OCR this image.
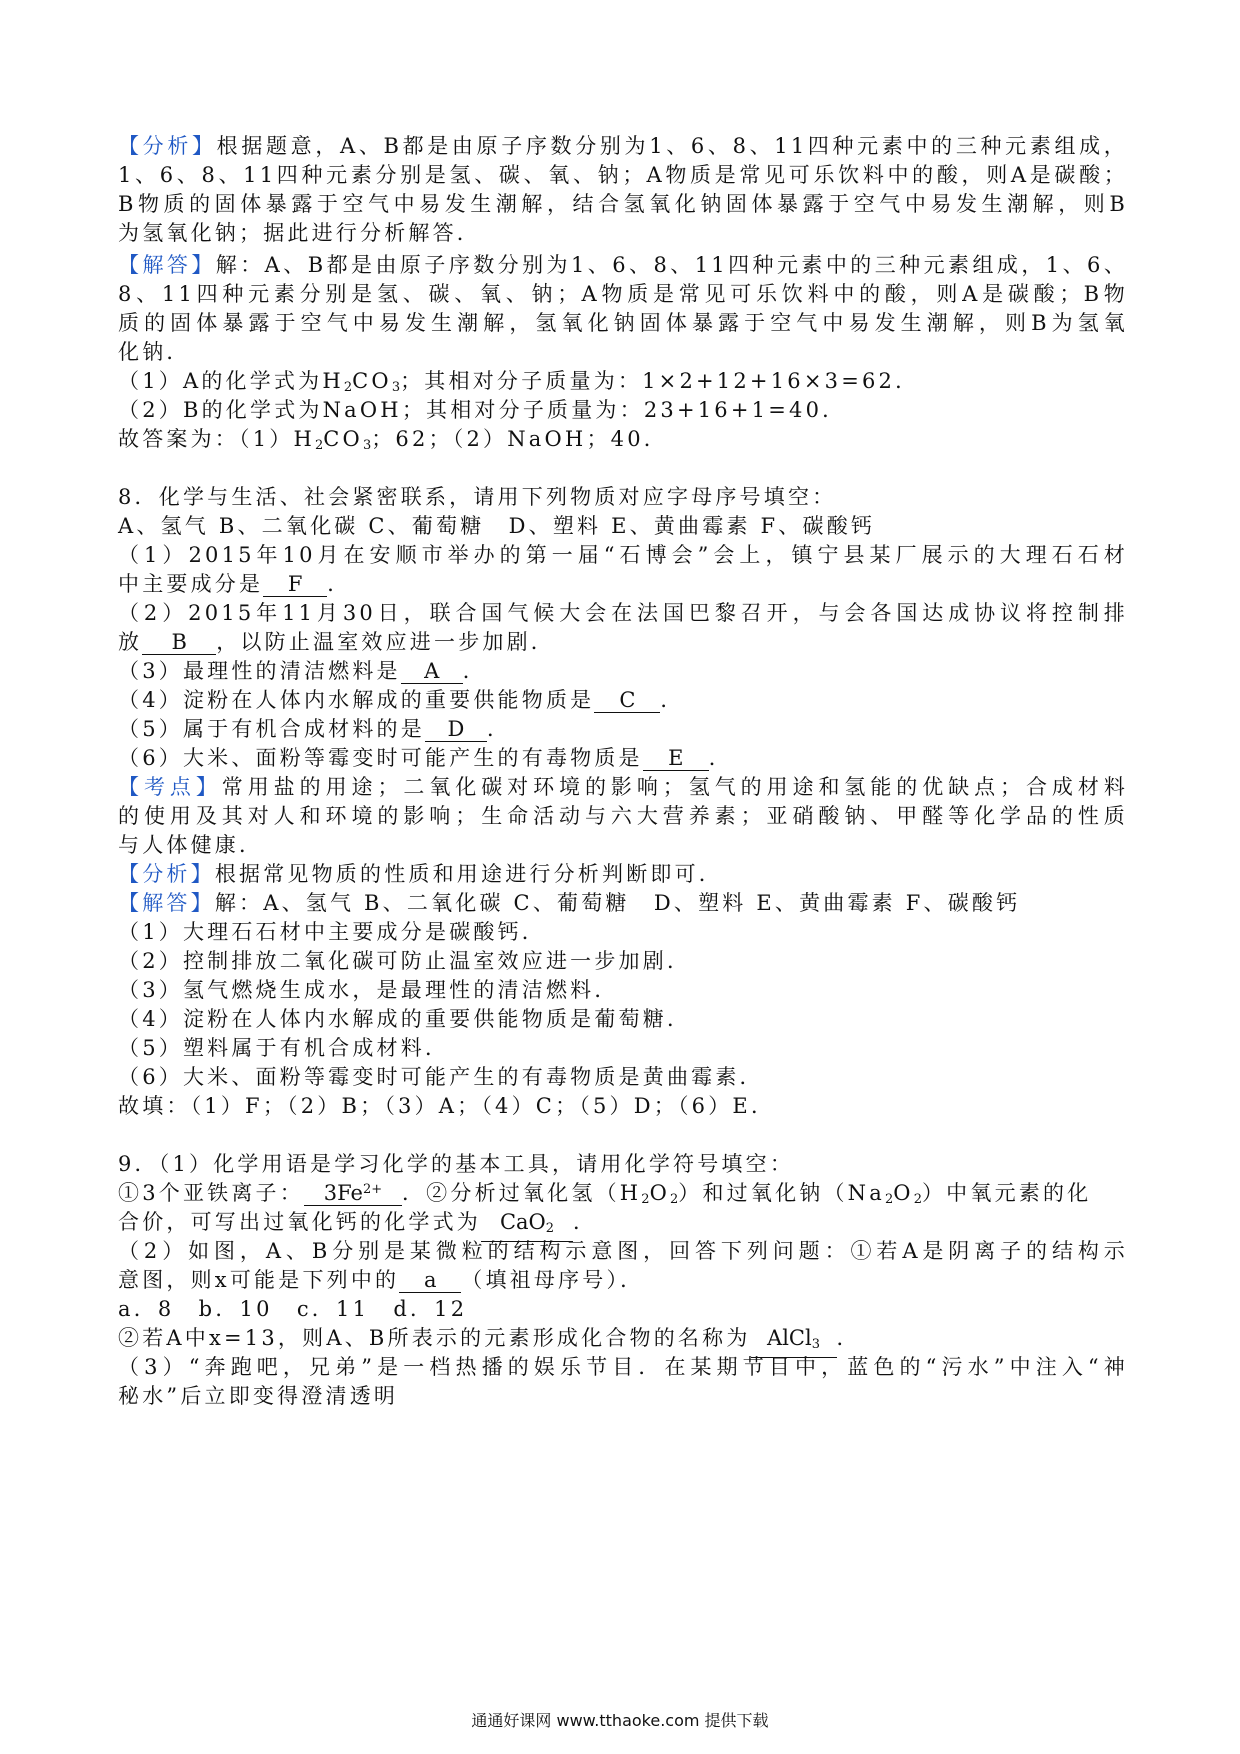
【分析】根据题意，A、B都是由原子序数分别为1、6、8、11四种元素中的三种元素组成，
1、6、8、11四种元素分别是氢、碳、氧、钠；A物质是常见可乐饮料中的酸，则A是碳酸；
B物质的固体暴露于空气中易发生潮解，结合氢氧化钠固体暴露于空气中易发生潮解，则B
为氢氧化钠；据此进行分析解答．
【解答】解：A、B都是由原子序数分别为1、6、8、11四种元素中的三种元素组成，1、6、
8、11四种元素分别是氢、碳、氧、钠；A物质是常见可乐饮料中的酸，则A是碳酸；B物
质的固体暴露于空气中易发生潮解，氢氧化钠固体暴露于空气中易发生潮解，则B为氢氧
化钠．
（1）A的化学式为$H_2CO_3$；其相对分子质量为：1×2+12+16×3=62．
（2）B的化学式为NaOH；其相对分子质量为：23+16+1=40．
故答案为：$(1)H_2CO_3$；62；（2）NaOH；40．
8．化学与生活、社会紧密联系，请用下列物质对应字母序号填空：
A、氢气 B、二氧化碳 C、葡萄糖　D、塑料 E、黄曲霉素 F、碳酸钙
（1）2015年10月在安顺市举办的第一届“石博会”会上，镇宁县某厂展示的大理石石材
中主要成分是 F ．
（2）2015年11月30日，联合国气候大会在法国巴黎召开，与会各国达成协议将控制排
放 B ，以防止温室效应进一步加剧．
（3）最理性的清洁燃料是 A ．
（4）淀粉在人体内水解成的重要供能物质是 C ．
（5）属于有机合成材料的是 D ．
（6）大米、面粉等霉变时可能产生的有毒物质是 E ．
【考点】常用盐的用途；二氧化碳对环境的影响；氢气的用途和氢能的优缺点；合成材料
的使用及其对人和环境的影响；生命活动与六大营养素；亚硝酸钠、甲醛等化学品的性质
与人体健康．
【分析】根据常见物质的性质和用途进行分析判断即可．
【解答】解：A、氢气 B、二氧化碳 C、葡萄糖　D、塑料 E、黄曲霉素 F、碳酸钙
（1）大理石石材中主要成分是碳酸钙．
（2）控制排放二氧化碳可防止温室效应进一步加剧．
（3）氢气燃烧生成水，是最理性的清洁燃料．
（4）淀粉在人体内水解成的重要供能物质是葡萄糖．
（5）塑料属于有机合成材料．
（6）大米、面粉等霉变时可能产生的有毒物质是黄曲霉素．
故填：（1）F；（2）B；（3）A；（4）C；（5）D；（6）E．
9．（1）化学用语是学习化学的基本工具，请用化学符号填空：
①3个亚铁离子： $3Fe^{2+}$ ．②分析过氧化氢$(H_2O_2)$和过氧化钠$(Na_2O_2)$中氧元素的化
合价，可写出过氧化钙的化学式为 CaO$_2$ ．
（2）如图，A、B分别是某微粒的结构示意图，回答下列问题：①若A是阴离子的结构示
意图，则x可能是下列中的 a （填祖母序号）．
a．8　b．10　c．11　d．12
②若A中x=13，则A、B所表示的元素形成化合物的名称为 AlCl$_3$ ．
（3）“奔跑吧，兄弟”是一档热播的娱乐节目．在某期节目中，蓝色的“污水”中注入“神
秘水”后立即变得澄清透明
通通好课网 www.tthaoke.com 提供下载
